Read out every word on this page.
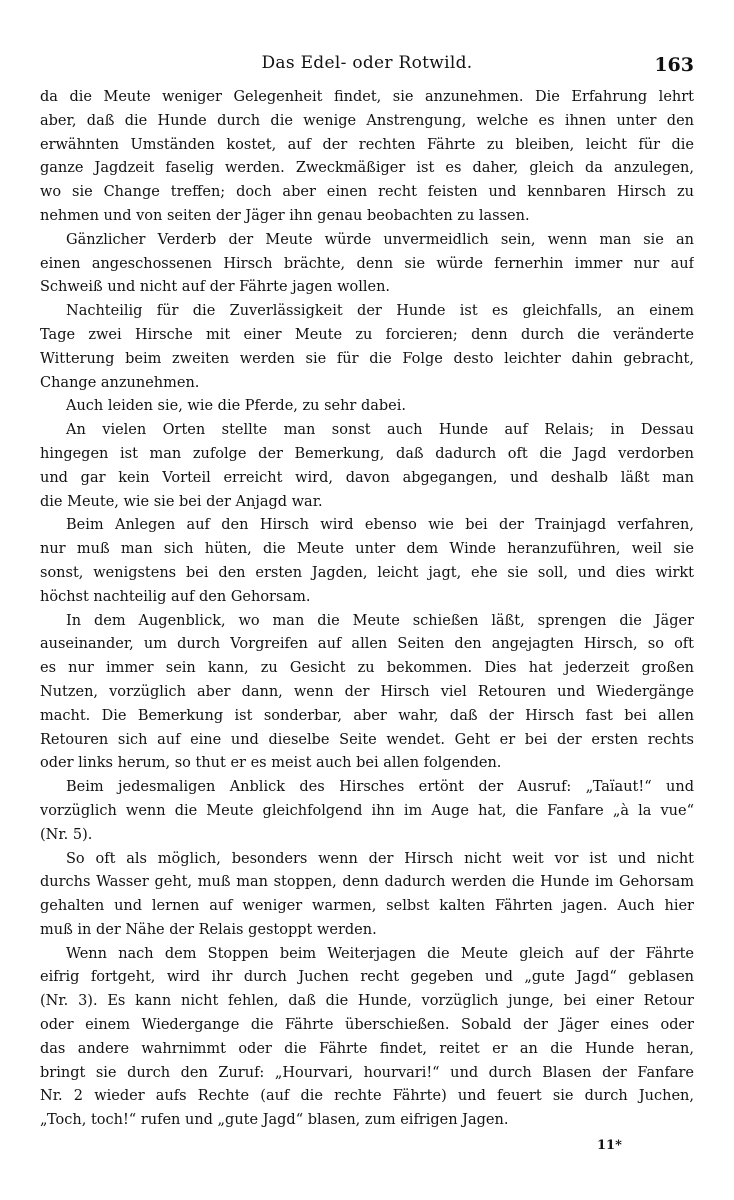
Das Edel- oder Rotwild.	163

da die Meute weniger Gelegenheit findet, sie anzunehmen. Die Erfahrung lehrt
aber, daß die Hunde durch die wenige Anstrengung, welche es ihnen unter den
erwähnten Umständen kostet, auf der rechten Fährte zu bleiben, leicht für die
ganze Jagdzeit faselig werden. Zweckmäßiger ist es daher, gleich da anzulegen,
wo sie Change treffen; doch aber einen recht feisten und kennbaren Hirsch zu
nehmen und von seiten der Jäger ihn genau beobachten zu lassen.

Gänzlicher Verderb der Meute würde unvermeidlich sein, wenn man sie an
einen angeschossenen Hirsch brächte, denn sie würde fernerhin immer nur auf
Schweiß und nicht auf der Fährte jagen wollen.

Nachteilig für die Zuverlässigkeit der Hunde ist es gleichfalls, an einem
Tage zwei Hirsche mit einer Meute zu forcieren; denn durch die veränderte
Witterung beim zweiten werden sie für die Folge desto leichter dahin gebracht,
Change anzunehmen.

Auch leiden sie, wie die Pferde, zu sehr dabei.

An vielen Orten stellte man sonst auch Hunde auf Relais; in Dessau
hingegen ist man zufolge der Bemerkung, daß dadurch oft die Jagd verdorben
und gar kein Vorteil erreicht wird, davon abgegangen, und deshalb läßt man
die Meute, wie sie bei der Anjagd war.

Beim Anlegen auf den Hirsch wird ebenso wie bei der Trainjagd verfahren,
nur muß man sich hüten, die Meute unter dem Winde heranzuführen, weil sie
sonst, wenigstens bei den ersten Jagden, leicht jagt, ehe sie soll, und dies wirkt
höchst nachteilig auf den Gehorsam.

In dem Augenblick, wo man die Meute schießen läßt, sprengen die Jäger
auseinander, um durch Vorgreifen auf allen Seiten den angejagten Hirsch, so oft
es nur immer sein kann, zu Gesicht zu bekommen. Dies hat jederzeit großen
Nutzen, vorzüglich aber dann, wenn der Hirsch viel Retouren und Wiedergänge
macht. Die Bemerkung ist sonderbar, aber wahr, daß der Hirsch fast bei allen
Retouren sich auf eine und dieselbe Seite wendet. Geht er bei der ersten rechts
oder links herum, so thut er es meist auch bei allen folgenden.

Beim jedesmaligen Anblick des Hirsches ertönt der Ausruf: „Taïaut!“ und
vorzüglich wenn die Meute gleichfolgend ihn im Auge hat, die Fanfare „à la vue“
(Nr. 5).

So oft als möglich, besonders wenn der Hirsch nicht weit vor ist und nicht
durchs Wasser geht, muß man stoppen, denn dadurch werden die Hunde im Gehorsam
gehalten und lernen auf weniger warmen, selbst kalten Fährten jagen. Auch hier
muß in der Nähe der Relais gestoppt werden.

Wenn nach dem Stoppen beim Weiterjagen die Meute gleich auf der Fährte
eifrig fortgeht, wird ihr durch Juchen recht gegeben und „gute Jagd“ geblasen
(Nr. 3). Es kann nicht fehlen, daß die Hunde, vorzüglich junge, bei einer Retour
oder einem Wiedergange die Fährte überschießen. Sobald der Jäger eines oder
das andere wahrnimmt oder die Fährte findet, reitet er an die Hunde heran,
bringt sie durch den Zuruf: „Hourvari, hourvari!“ und durch Blasen der Fanfare
Nr. 2 wieder aufs Rechte (auf die rechte Fährte) und feuert sie durch Juchen,
„Toch, toch!“ rufen und „gute Jagd“ blasen, zum eifrigen Jagen.

11*
